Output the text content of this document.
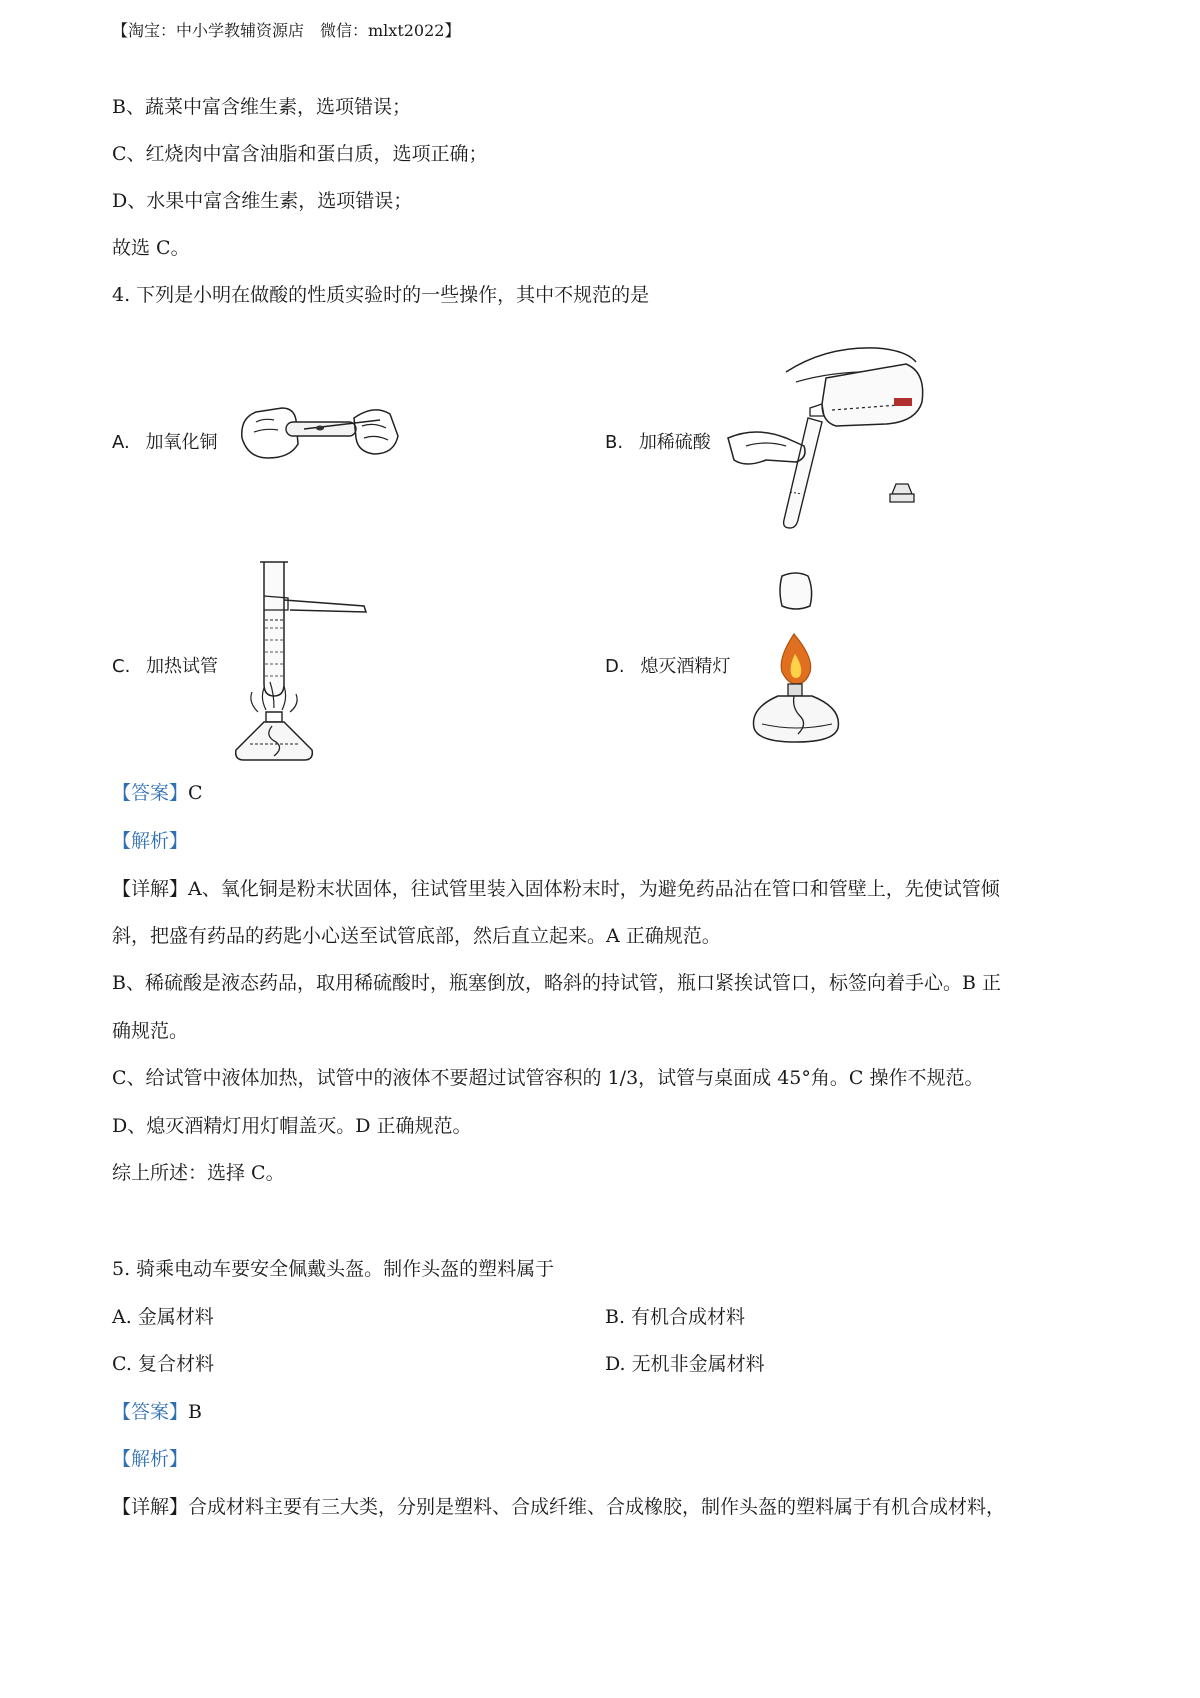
【淘宝：中小学教辅资源店　微信：mlxt2022】
B、蔬菜中富含维生素，选项错误；
C、红烧肉中富含油脂和蛋白质，选项正确；
D、水果中富含维生素，选项错误；
故选 C。
4. 下列是小明在做酸的性质实验时的一些操作，其中不规范的是
A. 加氧化铜	B. 加稀硫酸
C. 加热试管	D. 熄灭酒精灯
【答案】C
【解析】
【详解】A、氧化铜是粉末状固体，往试管里装入固体粉末时，为避免药品沾在管口和管壁上，先使试管倾
斜，把盛有药品的药匙小心送至试管底部，然后直立起来。A 正确规范。
B、稀硫酸是液态药品，取用稀硫酸时，瓶塞倒放，略斜的持试管，瓶口紧挨试管口，标签向着手心。B 正
确规范。
C、给试管中液体加热，试管中的液体不要超过试管容积的 1/3，试管与桌面成 45°角。C 操作不规范。
D、熄灭酒精灯用灯帽盖灭。D 正确规范。
综上所述：选择 C。
5. 骑乘电动车要安全佩戴头盔。制作头盔的塑料属于
A. 金属材料	B. 有机合成材料
C. 复合材料	D. 无机非金属材料
【答案】B
【解析】
【详解】合成材料主要有三大类，分别是塑料、合成纤维、合成橡胶，制作头盔的塑料属于有机合成材料，
